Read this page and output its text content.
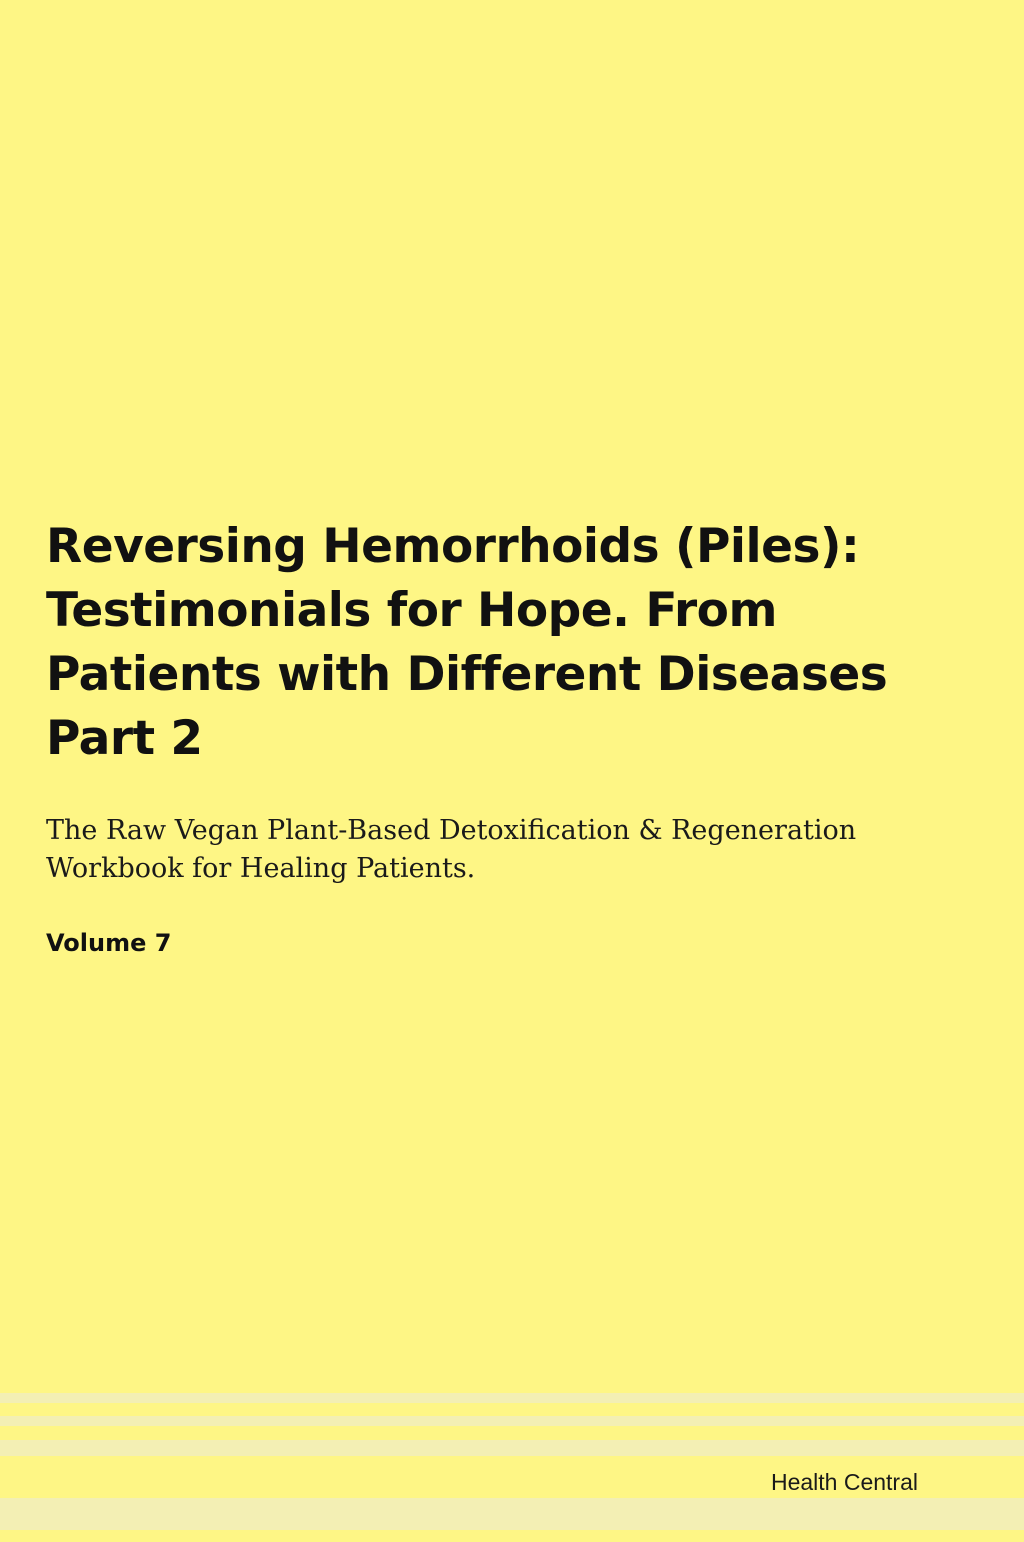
Reversing Hemorrhoids (Piles):
Testimonials for Hope. From
Patients with Different Diseases
Part 2
The Raw Vegan Plant-Based Detoxification & Regeneration
Workbook for Healing Patients.
Volume 7
Health Central
